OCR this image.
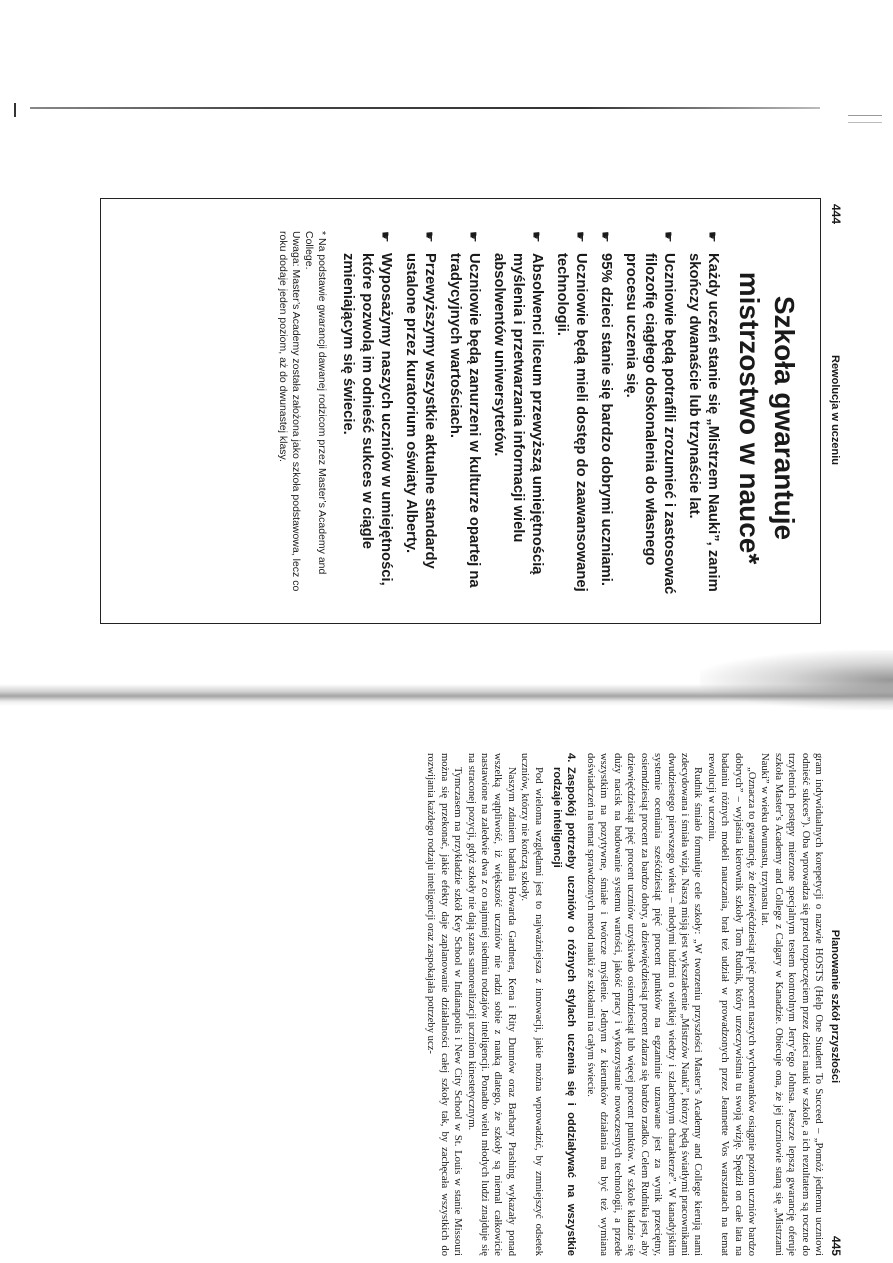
444
Rewolucja w uczeniu
Szkoła gwarantuje
mistrzostwo w nauce*
☛
Każdy uczeń stanie się „Mistrzem Nauki”, zanim skończy dwanaście lub trzynaście lat.
☛
Uczniowie będą potrafili zrozumieć i zastosować filozofię ciągłego doskonalenia do własnego procesu uczenia się.
☛
95% dzieci stanie się bardzo dobrymi uczniami.
☛
Uczniowie będą mieli dostęp do zaawansowanej technologii.
☛
Absolwenci liceum przewyższą umiejętnością myślenia i przetwarzania informacji wielu absolwentów uniwersytetów.
☛
Uczniowie będą zanurzeni w kulturze opartej na tradycyjnych wartościach.
☛
Przewyższymy wszystkie aktualne standardy ustalone przez kuratorium oświaty Alberty.
☛
Wyposażymy naszych uczniów w umiejętności, które pozwolą im odnieść sukces w ciągle zmieniającym się świecie.

* Na podstawie gwarancji dawanej rodzicom przez Master’s Academy and College.

Uwaga: Master’s Academy została założona jako szkoła podstawowa, lecz co roku dodaje jeden poziom, aż do dwunastej klasy.

Planowanie szkół przyszłości
445

gram indywidualnych korepetycji o nazwie HOSTS (Help One Student To Succeed – „Pomóż jednemu uczniowi odnieść sukces”). Oba wprowadza się przed rozpoczęciem przez dzieci nauki w szkole, a ich rezultatem są roczne do trzyletnich postępy mierzone specjalnym testem kontrolnym Jerry’ego Johnsa. Jeszcze lepszą gwarancję oferuje szkoła Master’s Academy and College z Calgary w Kanadzie. Obiecuje ona, że jej uczniowie staną się „Mistrzami Nauki” w wieku dwunastu, trzynastu lat.

„Oznacza to gwarancję, że dziewięćdziesiąt pięć procent naszych wychowanków osiągnie poziom uczniów bardzo dobrych” – wyjaśnia kierownik szkoły Tom Rudnik, który urzeczywistnia tu swoją wizję. Spędził on całe lata na badaniu różnych modeli nauczania, brał też udział w prowadzonych przez Jeannette Vos warsztatach na temat rewolucji w uczeniu.

Rudnik śmiało formułuje cele szkoły: „W tworzeniu przyszłości Master’s Academy and College kierują nami zdecydowana i śmiała wizja. Naszą misją jest wykształcenie „Mistrzów Nauki”, którzy będą światłymi pracownikami dwudziestego pierwszego wieku – młodymi ludźmi o wielkiej wiedzy i szlachetnym charakterze”. W kanadyjskim systemie oceniania sześćdziesiąt pięć procent punktów na egzaminie uznawane jest za wynik przeciętny, osiemdziesiąt procent za bardzo dobry, a dziewięćdziesiąt procent zdarza się bardzo rzadko. Celem Rudnika jest, aby dziewięćdziesiąt pięć procent uczniów uzyskiwało osiemdziesiąt lub więcej procent punktów. W szkole kładzie się duży nacisk na budowanie systemu wartości, jakość pracy i wykorzystanie nowoczesnych technologii, a przede wszystkim na pozytywne, śmiałe i twórcze myślenie. Jednym z kierunków działania ma być też wymiana doświadczeń na temat sprawdzonych metod nauki ze szkołami na całym świecie.

4.
Zaspokój potrzeby uczniów o różnych stylach uczenia się i oddziaływać na wszystkie rodzaje inteligencji

Pod wieloma względami jest to najważniejsza z innowacji, jakie można wprowadzić, by zmniejszyć odsetek uczniów, którzy nie kończą szkoły.

Naszym zdaniem badania Howarda Gardnera, Kena i Rity Dunnów oraz Barbary Prashing wykazały ponad wszelką wątpliwość, iż większość uczniów nie radzi sobie z nauką dlatego, że szkoły są niemal całkowicie nastawione na zaledwie dwa z co najmniej siedmiu rodzajów inteligencji. Ponadto wielu młodych ludzi znajduje się na straconej pozycji, gdyż szkoły nie dają szans samorealizacji uczniom kinestetycznym.

Tymczasem na przykładzie szkół Key School w Indianapolis i New City School w St. Louis w stanie Missouri można się przekonać, jakie efekty daje zaplanowanie działalności całej szkoły tak, by zachęcała wszystkich do rozwijania każdego rodzaju inteligencji oraz zaspokajała potrzeby ucz-
